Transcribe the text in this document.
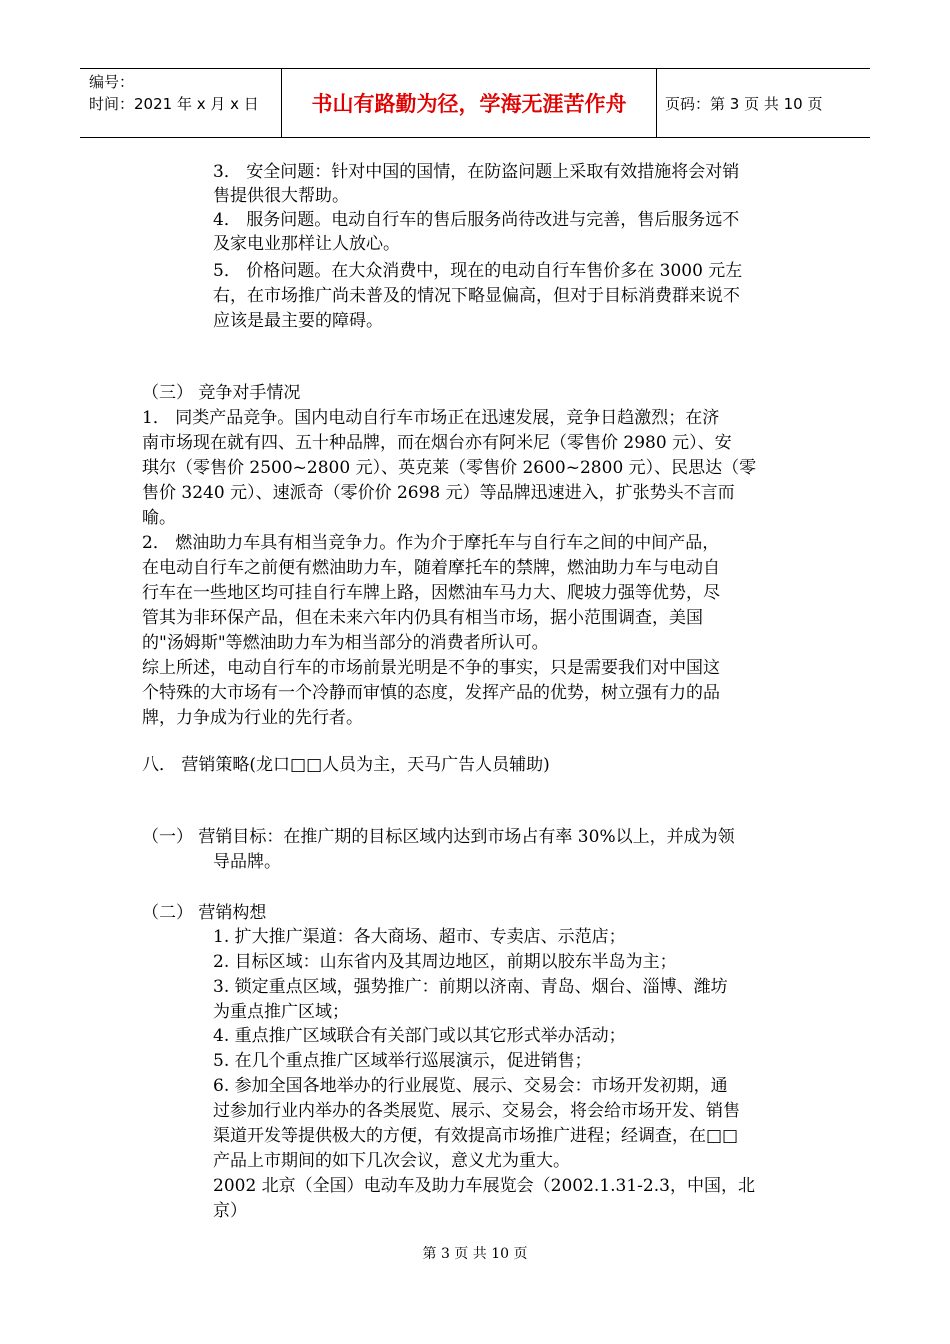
编号：
时间：2021 年 x 月 x 日	书山有路勤为径，学海无涯苦作舟	页码：第 3 页 共 10 页
3． 安全问题：针对中国的国情，在防盗问题上采取有效措施将会对销
售提供很大帮助。
4． 服务问题。电动自行车的售后服务尚待改进与完善，售后服务远不
及家电业那样让人放心。
5． 价格问题。在大众消费中，现在的电动自行车售价多在 3000 元左
右，在市场推广尚未普及的情况下略显偏高，但对于目标消费群来说不
应该是最主要的障碍。
（三） 竞争对手情况
1． 同类产品竞争。国内电动自行车市场正在迅速发展，竞争日趋激烈；在济
南市场现在就有四、五十种品牌，而在烟台亦有阿米尼（零售价 2980 元）、安
琪尔（零售价 2500~2800 元）、英克莱（零售价 2600~2800 元）、民思达（零
售价 3240 元）、速派奇（零价价 2698 元）等品牌迅速进入，扩张势头不言而
喻。
2． 燃油助力车具有相当竞争力。作为介于摩托车与自行车之间的中间产品，
在电动自行车之前便有燃油助力车，随着摩托车的禁牌，燃油助力车与电动自
行车在一些地区均可挂自行车牌上路，因燃油车马力大、爬坡力强等优势，尽
管其为非环保产品，但在未来六年内仍具有相当市场，据小范围调查，美国
的"汤姆斯"等燃油助力车为相当部分的消费者所认可。
综上所述，电动自行车的市场前景光明是不争的事实，只是需要我们对中国这
个特殊的大市场有一个冷静而审慎的态度，发挥产品的优势，树立强有力的品
牌，力争成为行业的先行者。
八． 营销策略(龙口□□人员为主，天马广告人员辅助)
（一） 营销目标：在推广期的目标区域内达到市场占有率 30%以上，并成为领
导品牌。
（二） 营销构想
1. 扩大推广渠道：各大商场、超市、专卖店、示范店；
2. 目标区域：山东省内及其周边地区，前期以胶东半岛为主；
3. 锁定重点区域，强势推广：前期以济南、青岛、烟台、淄博、潍坊
为重点推广区域；
4. 重点推广区域联合有关部门或以其它形式举办活动；
5. 在几个重点推广区域举行巡展演示，促进销售；
6. 参加全国各地举办的行业展览、展示、交易会：市场开发初期，通
过参加行业内举办的各类展览、展示、交易会，将会给市场开发、销售
渠道开发等提供极大的方便，有效提高市场推广进程；经调查，在□□
产品上市期间的如下几次会议，意义尤为重大。
2002 北京（全国）电动车及助力车展览会（2002.1.31-2.3，中国，北
京）
第 3 页 共 10 页
